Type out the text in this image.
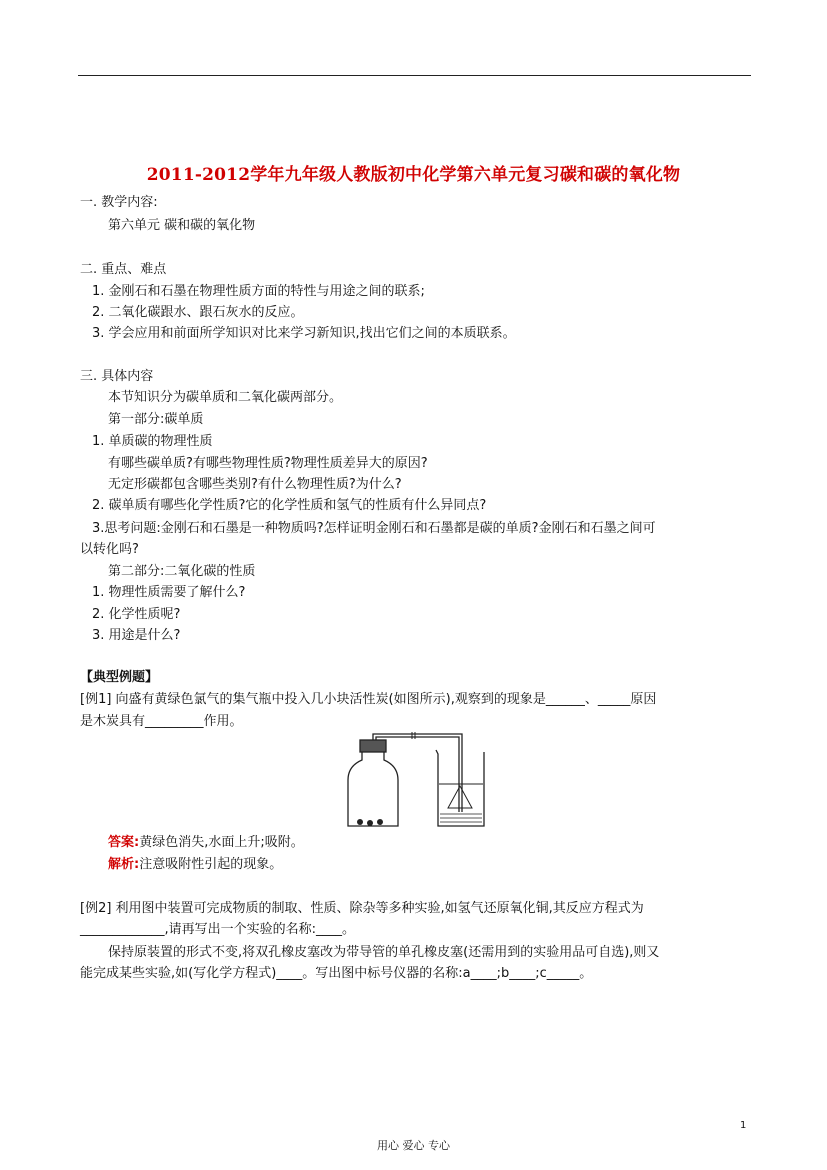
2011-2012学年九年级人教版初中化学第六单元复习碳和碳的氧化物
一. 教学内容:
第六单元 碳和碳的氧化物
二. 重点、难点
1. 金刚石和石墨在物理性质方面的特性与用途之间的联系;
2. 二氧化碳跟水、跟石灰水的反应。
3. 学会应用和前面所学知识对比来学习新知识,找出它们之间的本质联系。
三. 具体内容
本节知识分为碳单质和二氧化碳两部分。
第一部分:碳单质
1. 单质碳的物理性质
有哪些碳单质?有哪些物理性质?物理性质差异大的原因?
无定形碳都包含哪些类别?有什么物理性质?为什么?
2. 碳单质有哪些化学性质?它的化学性质和氢气的性质有什么异同点?
3.思考问题:金刚石和石墨是一种物质吗?怎样证明金刚石和石墨都是碳的单质?金刚石和石墨之间可
以转化吗?
第二部分:二氧化碳的性质
1. 物理性质需要了解什么?
2. 化学性质呢?
3. 用途是什么?
【典型例题】
[例1] 向盛有黄绿色氯气的集气瓶中投入几小块活性炭(如图所示),观察到的现象是______、_____原因
是木炭具有_________作用。
答案:黄绿色消失,水面上升;吸附。
解析:注意吸附性引起的现象。
[例2] 利用图中装置可完成物质的制取、性质、除杂等多种实验,如氢气还原氧化铜,其反应方程式为
_____________,请再写出一个实验的名称:____。
保持原装置的形式不变,将双孔橡皮塞改为带导管的单孔橡皮塞(还需用到的实验用品可自选),则又
能完成某些实验,如(写化学方程式)____。写出图中标号仪器的名称:a____;b____;c_____。
1
用心 爱心 专心
